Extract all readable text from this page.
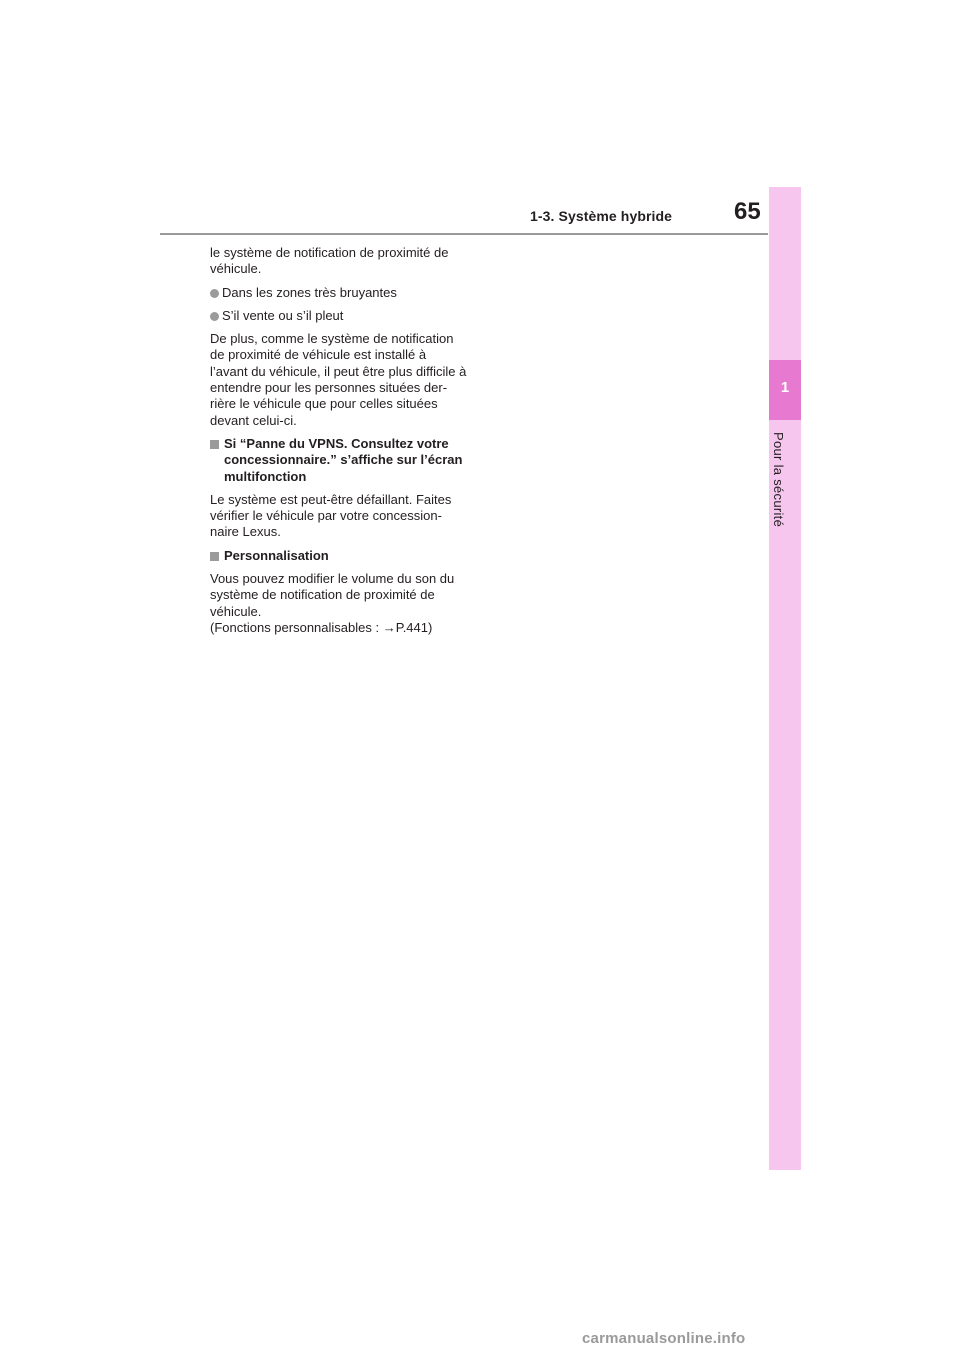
1-3. Système hybride	65
1
Pour la sécurité

le système de notification de proximité de
véhicule.

Dans les zones très bruyantes
S’il vente ou s’il pleut

De plus, comme le système de notification
de proximité de véhicule est installé à
l’avant du véhicule, il peut être plus difficile à
entendre pour les personnes situées der-
rière le véhicule que pour celles situées
devant celui-ci.

Si “Panne du VPNS. Consultez votre
concessionnaire.” s’affiche sur l’écran
multifonction

Le système est peut-être défaillant. Faites
vérifier le véhicule par votre concession-
naire Lexus.

Personnalisation

Vous pouvez modifier le volume du son du
système de notification de proximité de
véhicule.
(Fonctions personnalisables : →P.441)

carmanualsonline.info
